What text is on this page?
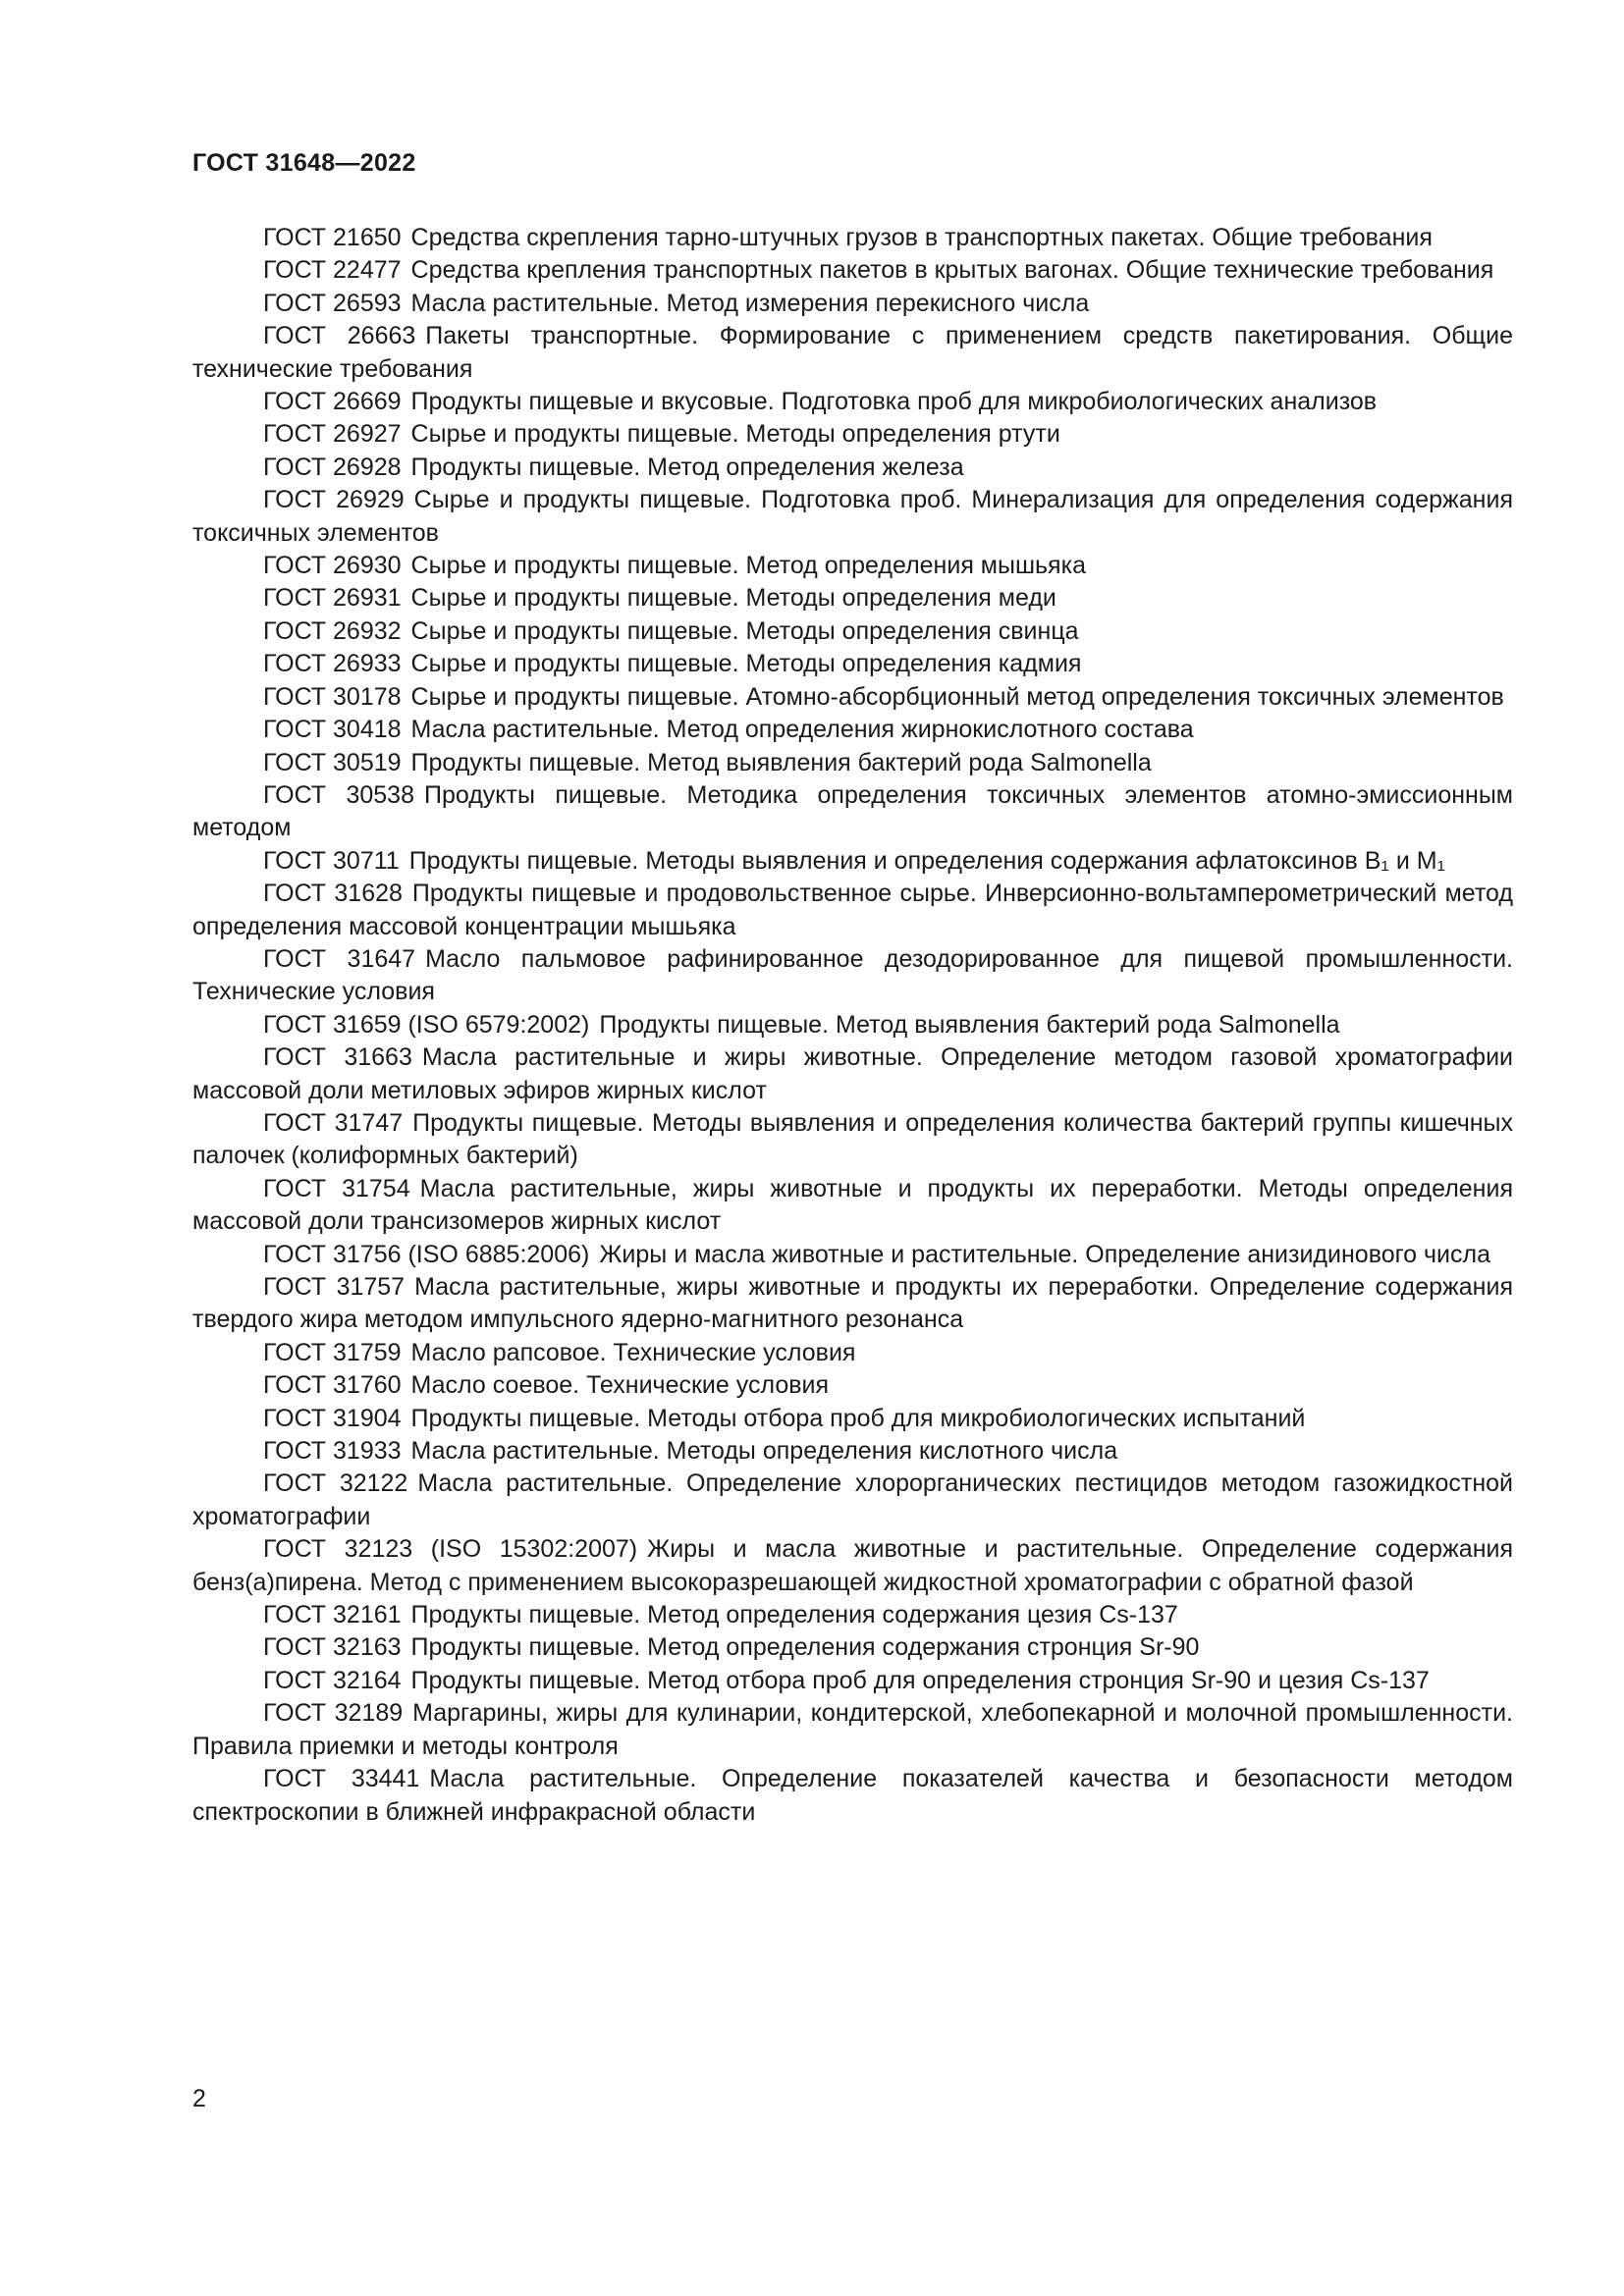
ГОСТ 31648—2022
ГОСТ 21650 Средства скрепления тарно-штучных грузов в транспортных пакетах. Общие требования
ГОСТ 22477 Средства крепления транспортных пакетов в крытых вагонах. Общие технические требования
ГОСТ 26593 Масла растительные. Метод измерения перекисного числа
ГОСТ 26663 Пакеты транспортные. Формирование с применением средств пакетирования. Общие технические требования
ГОСТ 26669 Продукты пищевые и вкусовые. Подготовка проб для микробиологических анализов
ГОСТ 26927 Сырье и продукты пищевые. Методы определения ртути
ГОСТ 26928 Продукты пищевые. Метод определения железа
ГОСТ 26929 Сырье и продукты пищевые. Подготовка проб. Минерализация для определения содержания токсичных элементов
ГОСТ 26930 Сырье и продукты пищевые. Метод определения мышьяка
ГОСТ 26931 Сырье и продукты пищевые. Методы определения меди
ГОСТ 26932 Сырье и продукты пищевые. Методы определения свинца
ГОСТ 26933 Сырье и продукты пищевые. Методы определения кадмия
ГОСТ 30178 Сырье и продукты пищевые. Атомно-абсорбционный метод определения токсичных элементов
ГОСТ 30418 Масла растительные. Метод определения жирнокислотного состава
ГОСТ 30519 Продукты пищевые. Метод выявления бактерий рода Salmonella
ГОСТ 30538 Продукты пищевые. Методика определения токсичных элементов атомно-эмиссионным методом
ГОСТ 30711 Продукты пищевые. Методы выявления и определения содержания афлатоксинов B₁ и M₁
ГОСТ 31628 Продукты пищевые и продовольственное сырье. Инверсионно-вольтамперометрический метод определения массовой концентрации мышьяка
ГОСТ 31647 Масло пальмовое рафинированное дезодорированное для пищевой промышленности. Технические условия
ГОСТ 31659 (ISO 6579:2002) Продукты пищевые. Метод выявления бактерий рода Salmonella
ГОСТ 31663 Масла растительные и жиры животные. Определение методом газовой хроматографии массовой доли метиловых эфиров жирных кислот
ГОСТ 31747 Продукты пищевые. Методы выявления и определения количества бактерий группы кишечных палочек (колиформных бактерий)
ГОСТ 31754 Масла растительные, жиры животные и продукты их переработки. Методы определения массовой доли трансизомеров жирных кислот
ГОСТ 31756 (ISO 6885:2006) Жиры и масла животные и растительные. Определение анизидинового числа
ГОСТ 31757 Масла растительные, жиры животные и продукты их переработки. Определение содержания твердого жира методом импульсного ядерно-магнитного резонанса
ГОСТ 31759 Масло рапсовое. Технические условия
ГОСТ 31760 Масло соевое. Технические условия
ГОСТ 31904 Продукты пищевые. Методы отбора проб для микробиологических испытаний
ГОСТ 31933 Масла растительные. Методы определения кислотного числа
ГОСТ 32122 Масла растительные. Определение хлорорганических пестицидов методом газожидкостной хроматографии
ГОСТ 32123 (ISO 15302:2007) Жиры и масла животные и растительные. Определение содержания бенз(а)пирена. Метод с применением высокоразрешающей жидкостной хроматографии с обратной фазой
ГОСТ 32161 Продукты пищевые. Метод определения содержания цезия Cs-137
ГОСТ 32163 Продукты пищевые. Метод определения содержания стронция Sr-90
ГОСТ 32164 Продукты пищевые. Метод отбора проб для определения стронция Sr-90 и цезия Cs-137
ГОСТ 32189 Маргарины, жиры для кулинарии, кондитерской, хлебопекарной и молочной промышленности. Правила приемки и методы контроля
ГОСТ 33441 Масла растительные. Определение показателей качества и безопасности методом спектроскопии в ближней инфракрасной области

2
